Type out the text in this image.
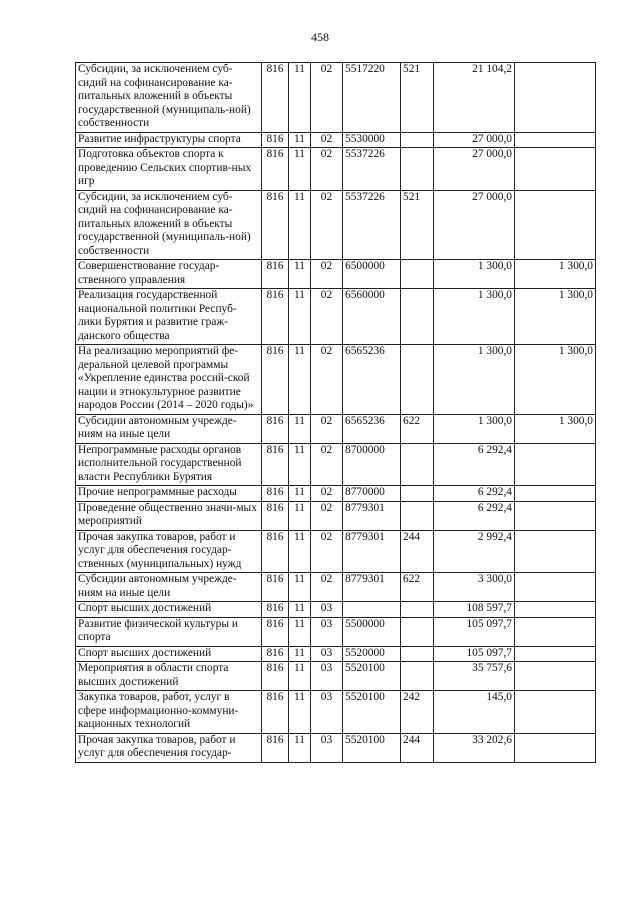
458
Субсидии, за исключением суб-сидий на софинансирование ка-питальных вложений в объекты государственной (муниципаль-ной) собственности	816	11	02	5517220	521	21 104,2	
Развитие инфраструктуры спорта	816	11	02	5530000		27 000,0	
Подготовка объектов спорта к проведению Сельских спортив-ных игр	816	11	02	5537226		27 000,0	
Субсидии, за исключением суб-сидий на софинансирование ка-питальных вложений в объекты государственной (муниципаль-ной) собственности	816	11	02	5537226	521	27 000,0	
Совершенствование государ-ственного управления	816	11	02	6500000		1 300,0	1 300,0
Реализация государственной национальной политики Респуб-лики Бурятия и развитие граж-данского общества	816	11	02	6560000		1 300,0	1 300,0
На реализацию мероприятий фе-деральной целевой программы «Укрепление единства россий-ской нации и этнокультурное развитие народов России (2014 – 2020 годы)»	816	11	02	6565236		1 300,0	1 300,0
Субсидии автономным учрежде-ниям на иные цели	816	11	02	6565236	622	1 300,0	1 300,0
Непрограммные расходы органов исполнительной государственной власти Республики Бурятия	816	11	02	8700000		6 292,4	
Прочие непрограммные расходы	816	11	02	8770000		6 292,4	
Проведение общественно значи-мых мероприятий	816	11	02	8779301		6 292,4	
Прочая закупка товаров, работ и услуг для обеспечения государ-ственных (муниципальных) нужд	816	11	02	8779301	244	2 992,4	
Субсидии автономным учрежде-ниям на иные цели	816	11	02	8779301	622	3 300,0	
Спорт высших достижений	816	11	03			108 597,7	
Развитие физической культуры и спорта	816	11	03	5500000		105 097,7	
Спорт высших достижений	816	11	03	5520000		105 097,7	
Мероприятия в области спорта высших достижений	816	11	03	5520100		35 757,6	
Закупка товаров, работ, услуг в сфере информационно-коммуни-кационных технологий	816	11	03	5520100	242	145,0	
Прочая закупка товаров, работ и услуг для обеспечения государ-	816	11	03	5520100	244	33 202,6	
